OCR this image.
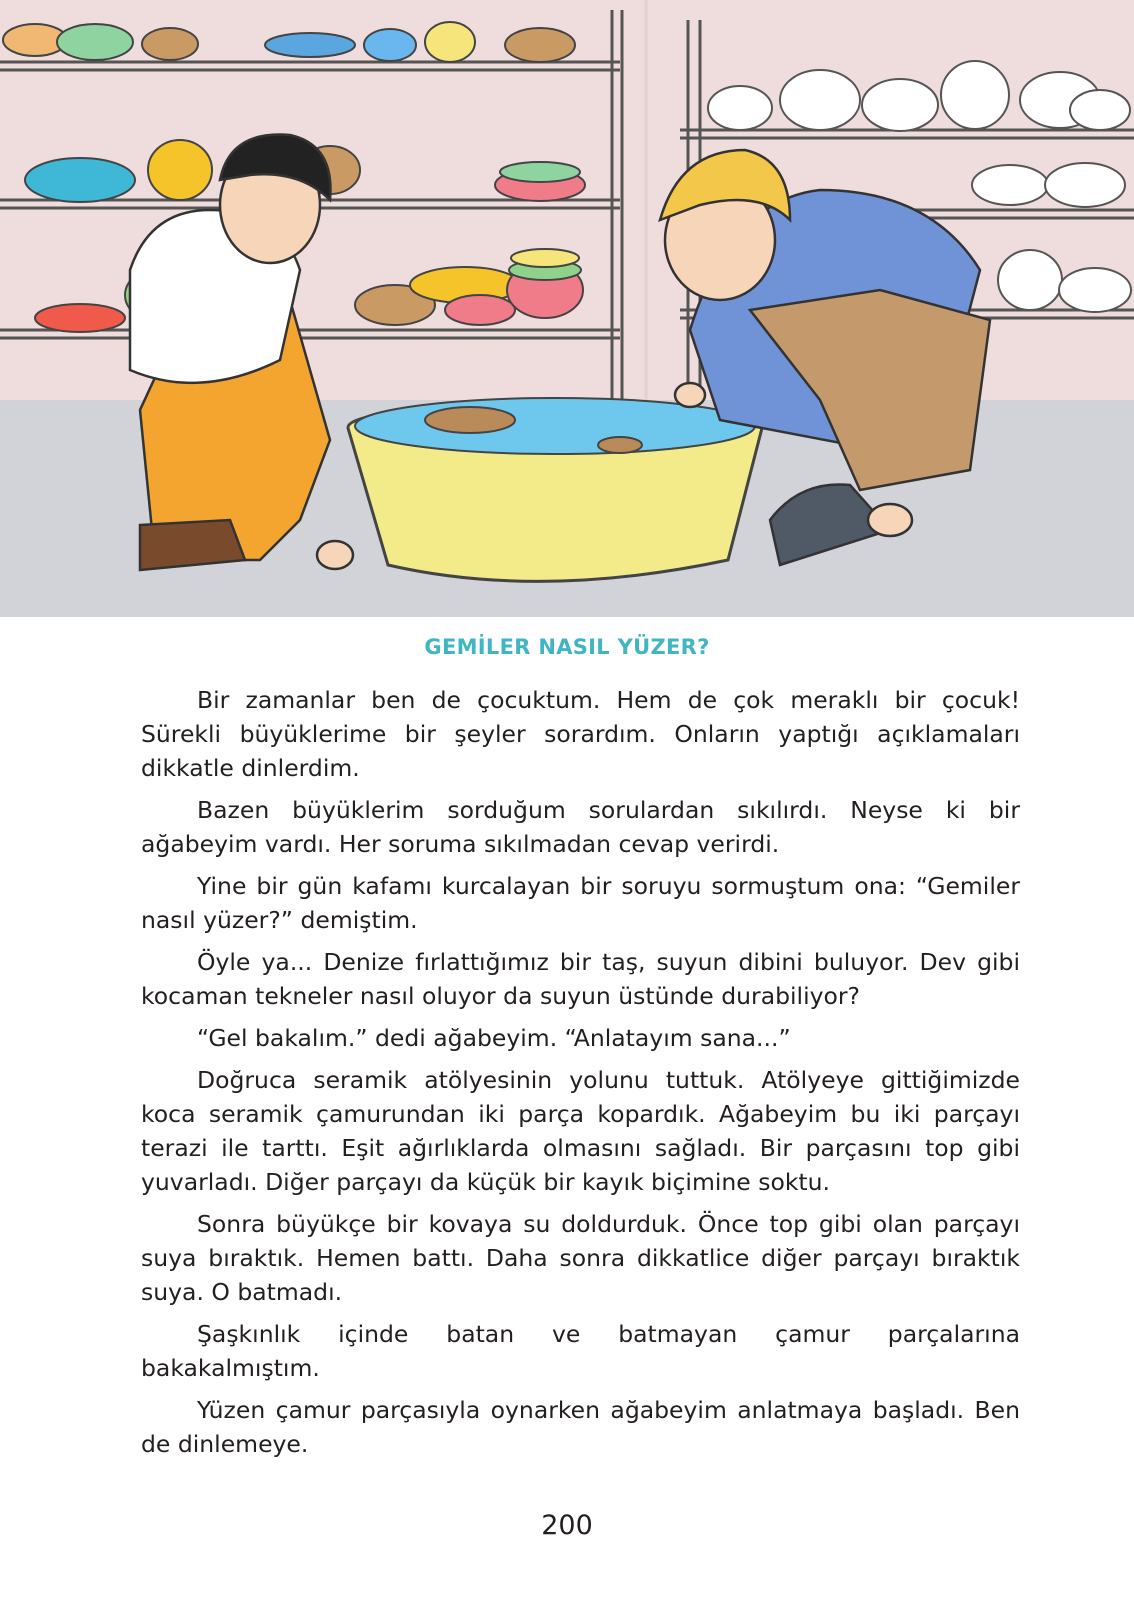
GEMİLER NASIL YÜZER?

Bir zamanlar ben de çocuktum. Hem de çok meraklı bir çocuk! Sürekli büyüklerime bir şeyler sorardım. Onların yaptığı açıklamaları dikkatle dinlerdim.

Bazen büyüklerim sorduğum sorulardan sıkılırdı. Neyse ki bir ağabeyim vardı. Her soruma sıkılmadan cevap verirdi.

Yine bir gün kafamı kurcalayan bir soruyu sormuştum ona: “Gemiler nasıl yüzer?” demiştim.

Öyle ya... Denize fırlattığımız bir taş, suyun dibini buluyor. Dev gibi kocaman tekneler nasıl oluyor da suyun üstünde durabiliyor?

“Gel bakalım.” dedi ağabeyim. “Anlatayım sana...”

Doğruca seramik atölyesinin yolunu tuttuk. Atölyeye gittiğimizde koca seramik çamurundan iki parça kopardık. Ağabeyim bu iki parçayı terazi ile tarttı. Eşit ağırlıklarda olmasını sağladı. Bir parçasını top gibi yuvarladı. Diğer parçayı da küçük bir kayık biçimine soktu.

Sonra büyükçe bir kovaya su doldurduk. Önce top gibi olan parçayı suya bıraktık. Hemen battı. Daha sonra dikkatlice diğer parçayı bıraktık suya. O batmadı.

Şaşkınlık içinde batan ve batmayan çamur parçalarına bakakalmıştım.

Yüzen çamur parçasıyla oynarken ağabeyim anlatmaya başladı. Ben de dinlemeye.

200
